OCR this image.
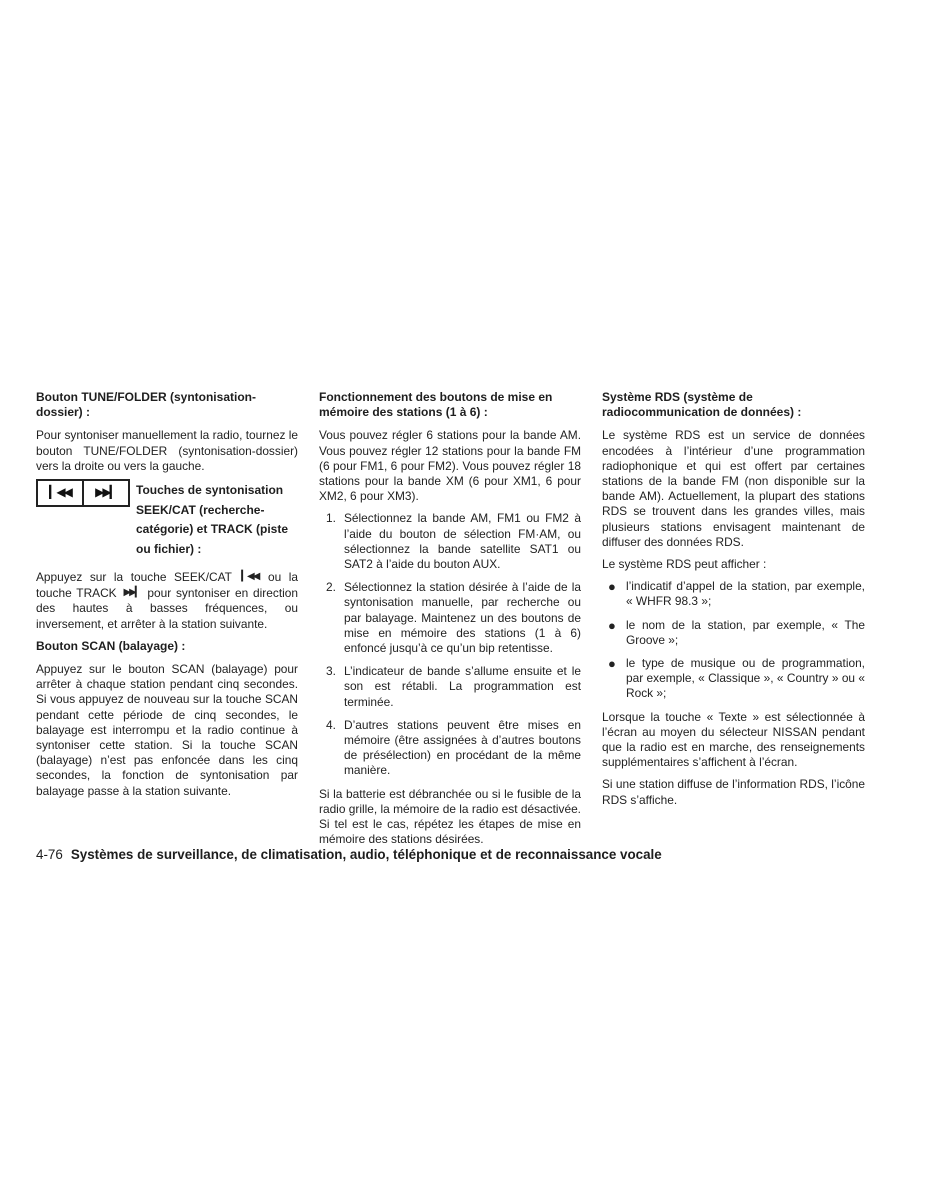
Bouton TUNE/FOLDER (syntonisation-dossier) :

Pour syntoniser manuellement la radio, tournez le bouton TUNE/FOLDER (syntonisation-dossier) vers la droite ou vers la gauche.

▎◀◀	▶▶▎	Touches de syntonisation SEEK/CAT (recherche-catégorie) et TRACK (piste ou fichier) :

Appuyez sur la touche SEEK/CAT ▎◀◀ ou la touche TRACK ▶▶▎ pour syntoniser en direction des hautes à basses fréquences, ou inversement, et arrêter à la station suivante.

Bouton SCAN (balayage) :

Appuyez sur le bouton SCAN (balayage) pour arrêter à chaque station pendant cinq secondes. Si vous appuyez de nouveau sur la touche SCAN pendant cette période de cinq secondes, le balayage est interrompu et la radio continue à syntoniser cette station. Si la touche SCAN (balayage) n’est pas enfoncée dans les cinq secondes, la fonction de syntonisation par balayage passe à la station suivante.

Fonctionnement des boutons de mise en mémoire des stations (1 à 6) :

Vous pouvez régler 6 stations pour la bande AM. Vous pouvez régler 12 stations pour la bande FM (6 pour FM1, 6 pour FM2). Vous pouvez régler 18 stations pour la bande XM (6 pour XM1, 6 pour XM2, 6 pour XM3).

1. Sélectionnez la bande AM, FM1 ou FM2 à l’aide du bouton de sélection FM·AM, ou sélectionnez la bande satellite SAT1 ou SAT2 à l’aide du bouton AUX.
2. Sélectionnez la station désirée à l’aide de la syntonisation manuelle, par recherche ou par balayage. Maintenez un des boutons de mise en mémoire des stations (1 à 6) enfoncé jusqu’à ce qu’un bip retentisse.
3. L’indicateur de bande s’allume ensuite et le son est rétabli. La programmation est terminée.
4. D’autres stations peuvent être mises en mémoire (être assignées à d’autres boutons de présélection) en procédant de la même manière.

Si la batterie est débranchée ou si le fusible de la radio grille, la mémoire de la radio est désactivée. Si tel est le cas, répétez les étapes de mise en mémoire des stations désirées.

Système RDS (système de radiocommunication de données) :

Le système RDS est un service de données encodées à l’intérieur d’une programmation radiophonique et qui est offert par certaines stations de la bande FM (non disponible sur la bande AM). Actuellement, la plupart des stations RDS se trouvent dans les grandes villes, mais plusieurs stations envisagent maintenant de diffuser des données RDS.

Le système RDS peut afficher :

● l’indicatif d’appel de la station, par exemple, « WHFR 98.3 »;
● le nom de la station, par exemple, « The Groove »;
● le type de musique ou de programmation, par exemple, « Classique », « Country » ou « Rock »;

Lorsque la touche « Texte » est sélectionnée à l’écran au moyen du sélecteur NISSAN pendant que la radio est en marche, des renseignements supplémentaires s’affichent à l’écran.

Si une station diffuse de l’information RDS, l’icône RDS s’affiche.

4-76 Systèmes de surveillance, de climatisation, audio, téléphonique et de reconnaissance vocale
